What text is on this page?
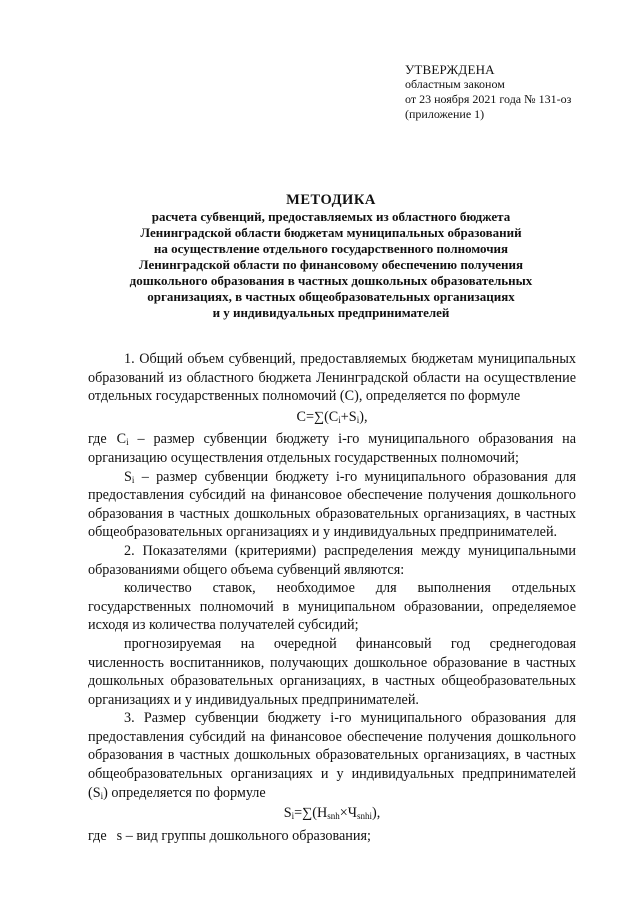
УТВЕРЖДЕНА
областным законом
от 23 ноября 2021 года № 131-оз
(приложение 1)
МЕТОДИКА
расчета субвенций, предоставляемых из областного бюджета
Ленинградской области бюджетам муниципальных образований
на осуществление отдельного государственного полномочия
Ленинградской области по финансовому обеспечению получения
дошкольного образования в частных дошкольных образовательных
организациях, в частных общеобразовательных организациях
и у индивидуальных предпринимателей

1. Общий объем субвенций, предоставляемых бюджетам муниципальных образований из областного бюджета Ленинградской области на осуществление отдельных государственных полномочий (С), определяется по формуле

$С=\sum(С_i+S_i)$,

где $С_i$ – размер субвенции бюджету i-го муниципального образования на организацию осуществления отдельных государственных полномочий;

$S_i$ – размер субвенции бюджету i-го муниципального образования для предоставления субсидий на финансовое обеспечение получения дошкольного образования в частных дошкольных образовательных организациях, в частных общеобразовательных организациях и у индивидуальных предпринимателей.

2. Показателями (критериями) распределения между муниципальными образованиями общего объема субвенций являются:

количество ставок, необходимое для выполнения отдельных государственных полномочий в муниципальном образовании, определяемое исходя из количества получателей субсидий;

прогнозируемая на очередной финансовый год среднегодовая численность воспитанников, получающих дошкольное образование в частных дошкольных образовательных организациях, в частных общеобразовательных организациях и у индивидуальных предпринимателей.

3. Размер субвенции бюджету i-го муниципального образования для предоставления субсидий на финансовое обеспечение получения дошкольного образования в частных дошкольных образовательных организациях, в частных общеобразовательных организациях и у индивидуальных предпринимателей $(S_i)$ определяется по формуле

$S_i=\sum(Н_{snh}\times Ч_{snhi})$,

где s – вид группы дошкольного образования;
